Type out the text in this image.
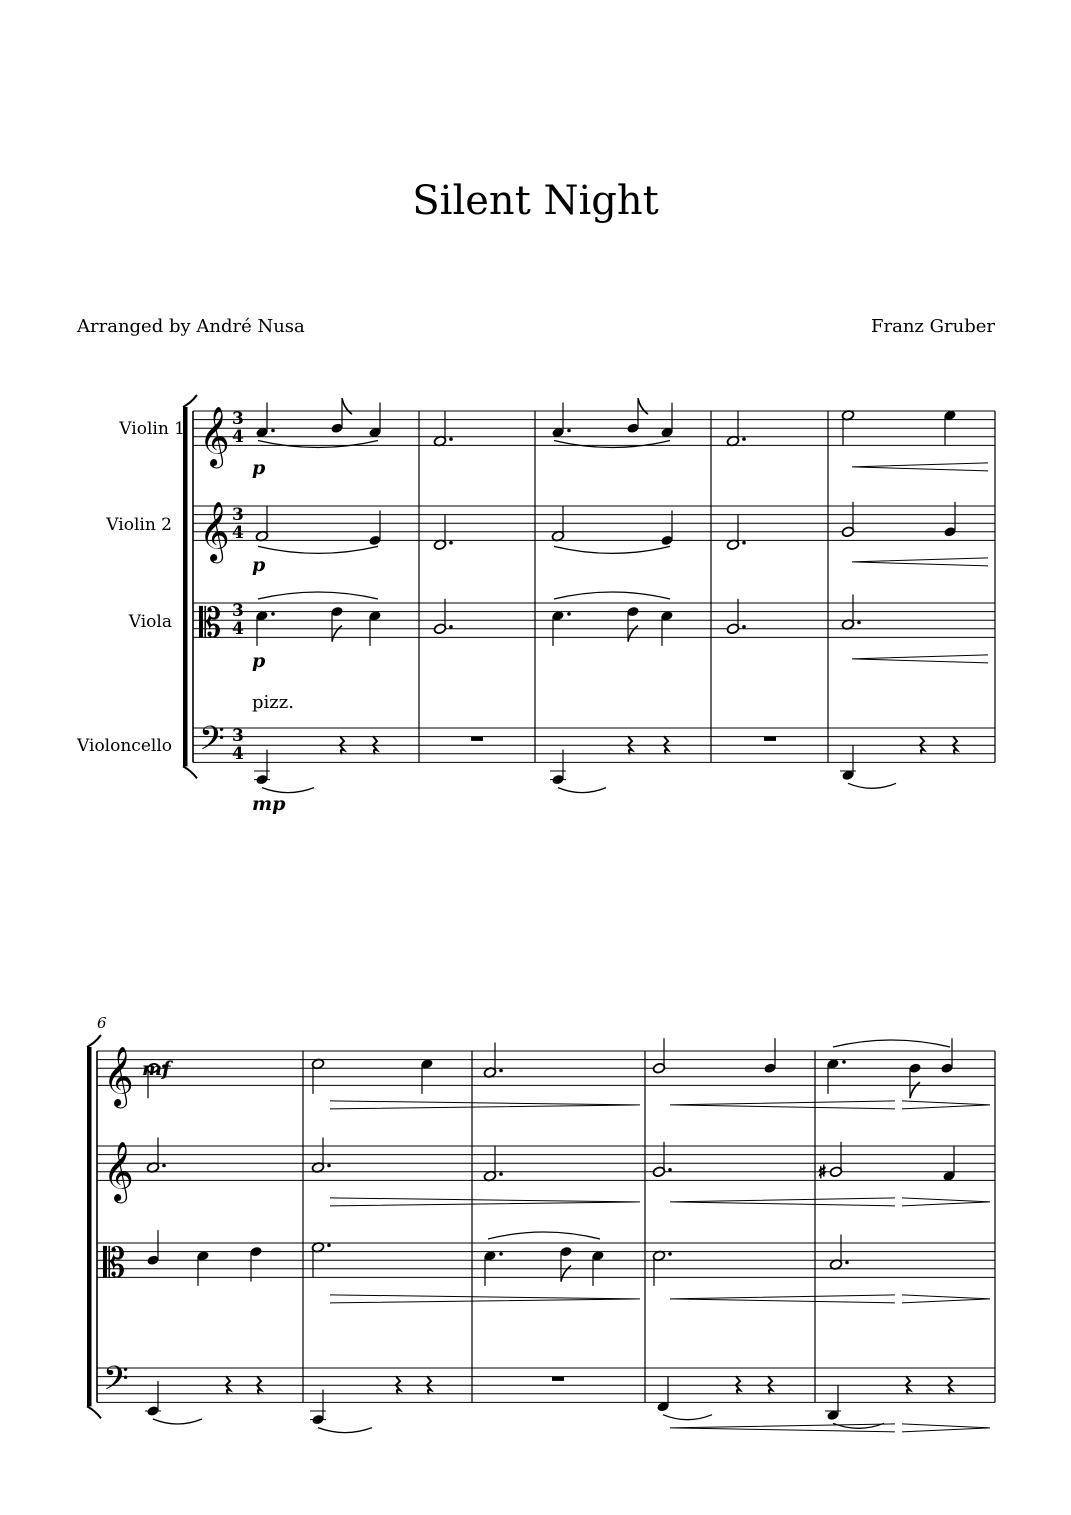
Silent Night
Arranged by André Nusa	Franz Gruber
𝄞
𝄞
𝄡
𝄢
𝄞
𝄞
𝄡
𝄢
♯
Violin 1
Violin 2
Viola
Violoncello
6
p
p
p
pizz.
mp
mf
3
4
3
4
3
4
3
4
